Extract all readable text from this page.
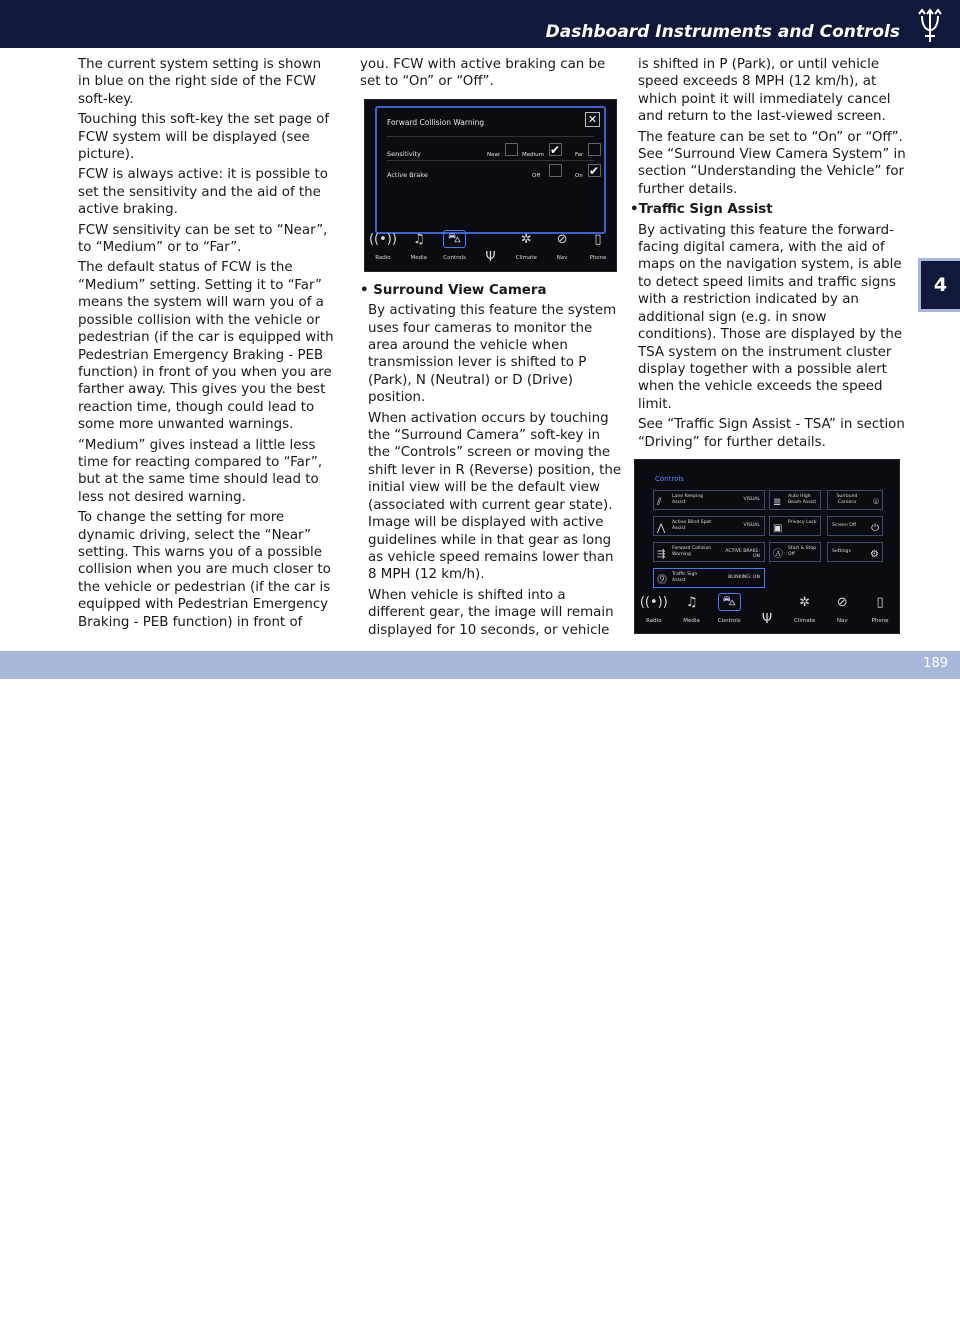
Dashboard Instruments and Controls

The current system setting is shown in blue on the right side of the FCW soft-key.

Touching this soft-key the set page of FCW system will be displayed (see picture).

FCW is always active: it is possible to set the sensitivity and the aid of the active braking.

FCW sensitivity can be set to “Near”, to “Medium” or to “Far”.

The default status of FCW is the “Medium” setting. Setting it to “Far” means the system will warn you of a possible collision with the vehicle or pedestrian (if the car is equipped with Pedestrian Emergency Braking - PEB function) in front of you when you are farther away. This gives you the best reaction time, though could lead to some more unwanted warnings.

“Medium” gives instead a little less time for reacting compared to “Far”, but at the same time should lead to less not desired warning.

To change the setting for more dynamic driving, select the “Near” setting. This warns you of a possible collision when you are much closer to the vehicle or pedestrian (if the car is equipped with Pedestrian Emergency Braking - PEB function) in front of

you. FCW with active braking can be set to “On” or “Off”.

Forward Collision Warning	✕
Sensitivity	Near	Medium ✔	Far
Active Brake	Off	On ✔
((•))
Radio
♫
Media
⛍
Controls Ψ
✲
Climate
⊘
Nav
▯
Phone

• Surround View Camera

By activating this feature the system uses four cameras to monitor the area around the vehicle when transmission lever is shifted to P (Park), N (Neutral) or D (Drive) position.

When activation occurs by touching the “Surround Camera” soft-key in the “Controls” screen or moving the shift lever in R (Reverse) position, the initial view will be the default view (associated with current gear state). Image will be displayed with active guidelines while in that gear as long as vehicle speed remains lower than 8 MPH (12 km/h).

When vehicle is shifted into a different gear, the image will remain displayed for 10 seconds, or vehicle

is shifted in P (Park), or until vehicle speed exceeds 8 MPH (12 km/h), at which point it will immediately cancel and return to the last-viewed screen.

The feature can be set to “On” or “Off”. See “Surround View Camera System” in section “Understanding the Vehicle” for further details.

•Traffic Sign Assist

By activating this feature the forward-facing digital camera, with the aid of maps on the navigation system, is able to detect speed limits and traffic signs with a restriction indicated by an additional sign (e.g. in snow conditions). Those are displayed by the TSA system on the instrument cluster display together with a possible alert when the vehicle exceeds the speed limit.

See “Traffic Sign Assist - TSA” in section “Driving” for further details.

Controls
⫽
Lane Keeping Assist
VISUAL ≣
Auto High Beam Assist
Surround Camera	⌾
⋀
Active Blind Spot Assist
VISUAL ▣
Privacy Lock
Screen Off ⏻
⇶
Forward Collision Warning
ACTIVE BRAKE: ON Ⓐ
Start & Stop Off
Settings ⚙
⓽
Traffic Sign Assist
BLINKING: ON
((•))
Radio
♫
Media
⛍
Controls Ψ
✲
Climate
⊘
Nav
▯
Phone
4
carmanualsonline.info
189
